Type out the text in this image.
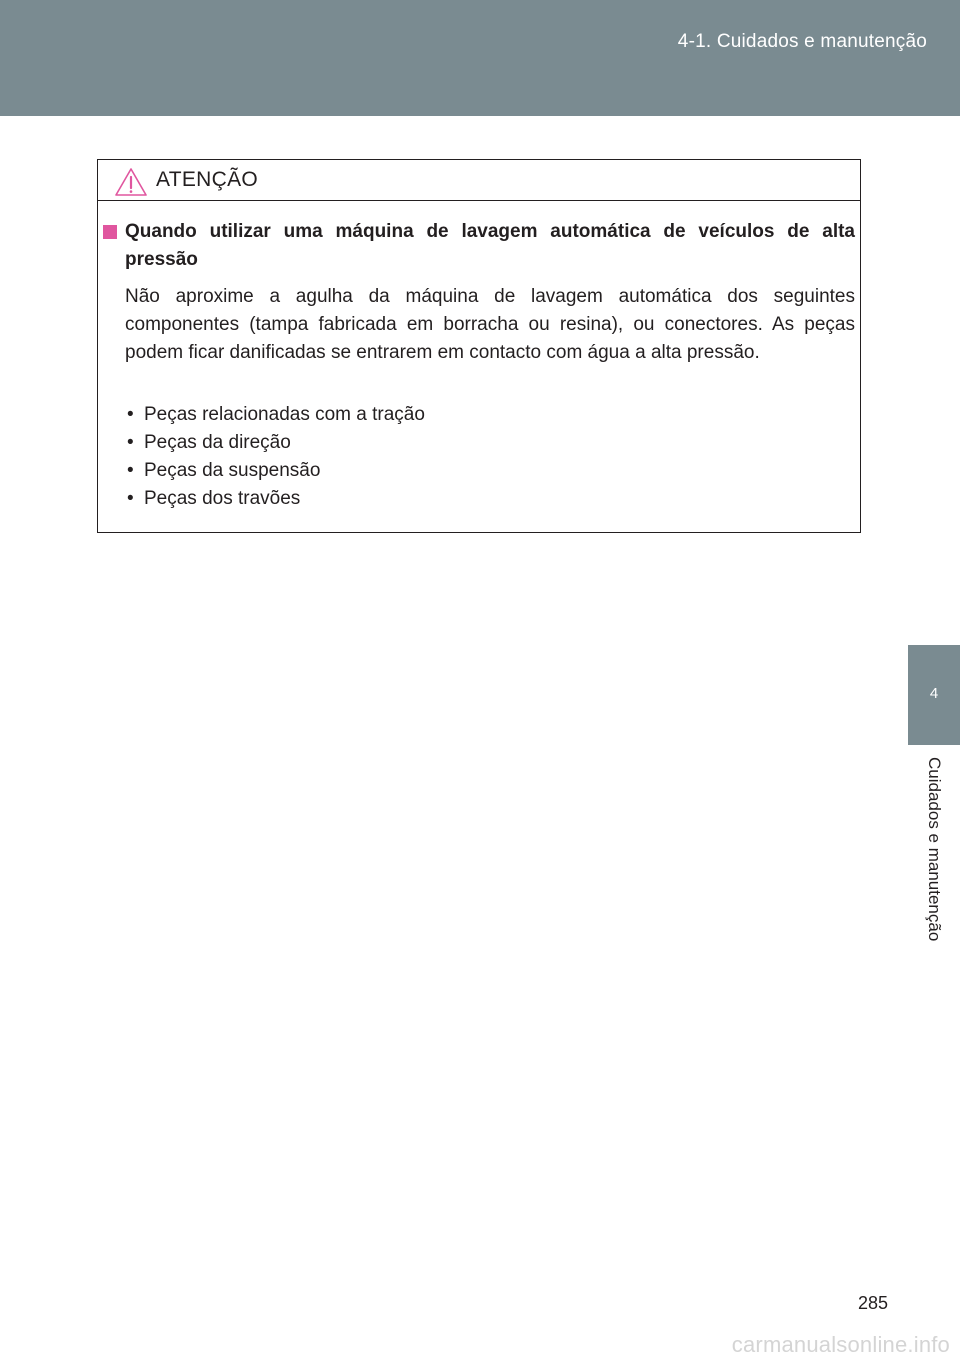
4-1. Cuidados e manutenção
4
Cuidados e manutenção
ATENÇÃO
Quando utilizar uma máquina de lavagem automática de veículos de alta pressão
Não aproxime a agulha da máquina de lavagem automática dos seguintes componentes (tampa fabricada em borracha ou resina), ou conectores. As peças podem ficar danificadas se entrarem em contacto com água a alta pressão.
• Peças relacionadas com a tração
• Peças da direção
• Peças da suspensão
• Peças dos travões
285
carmanualsonline.info
